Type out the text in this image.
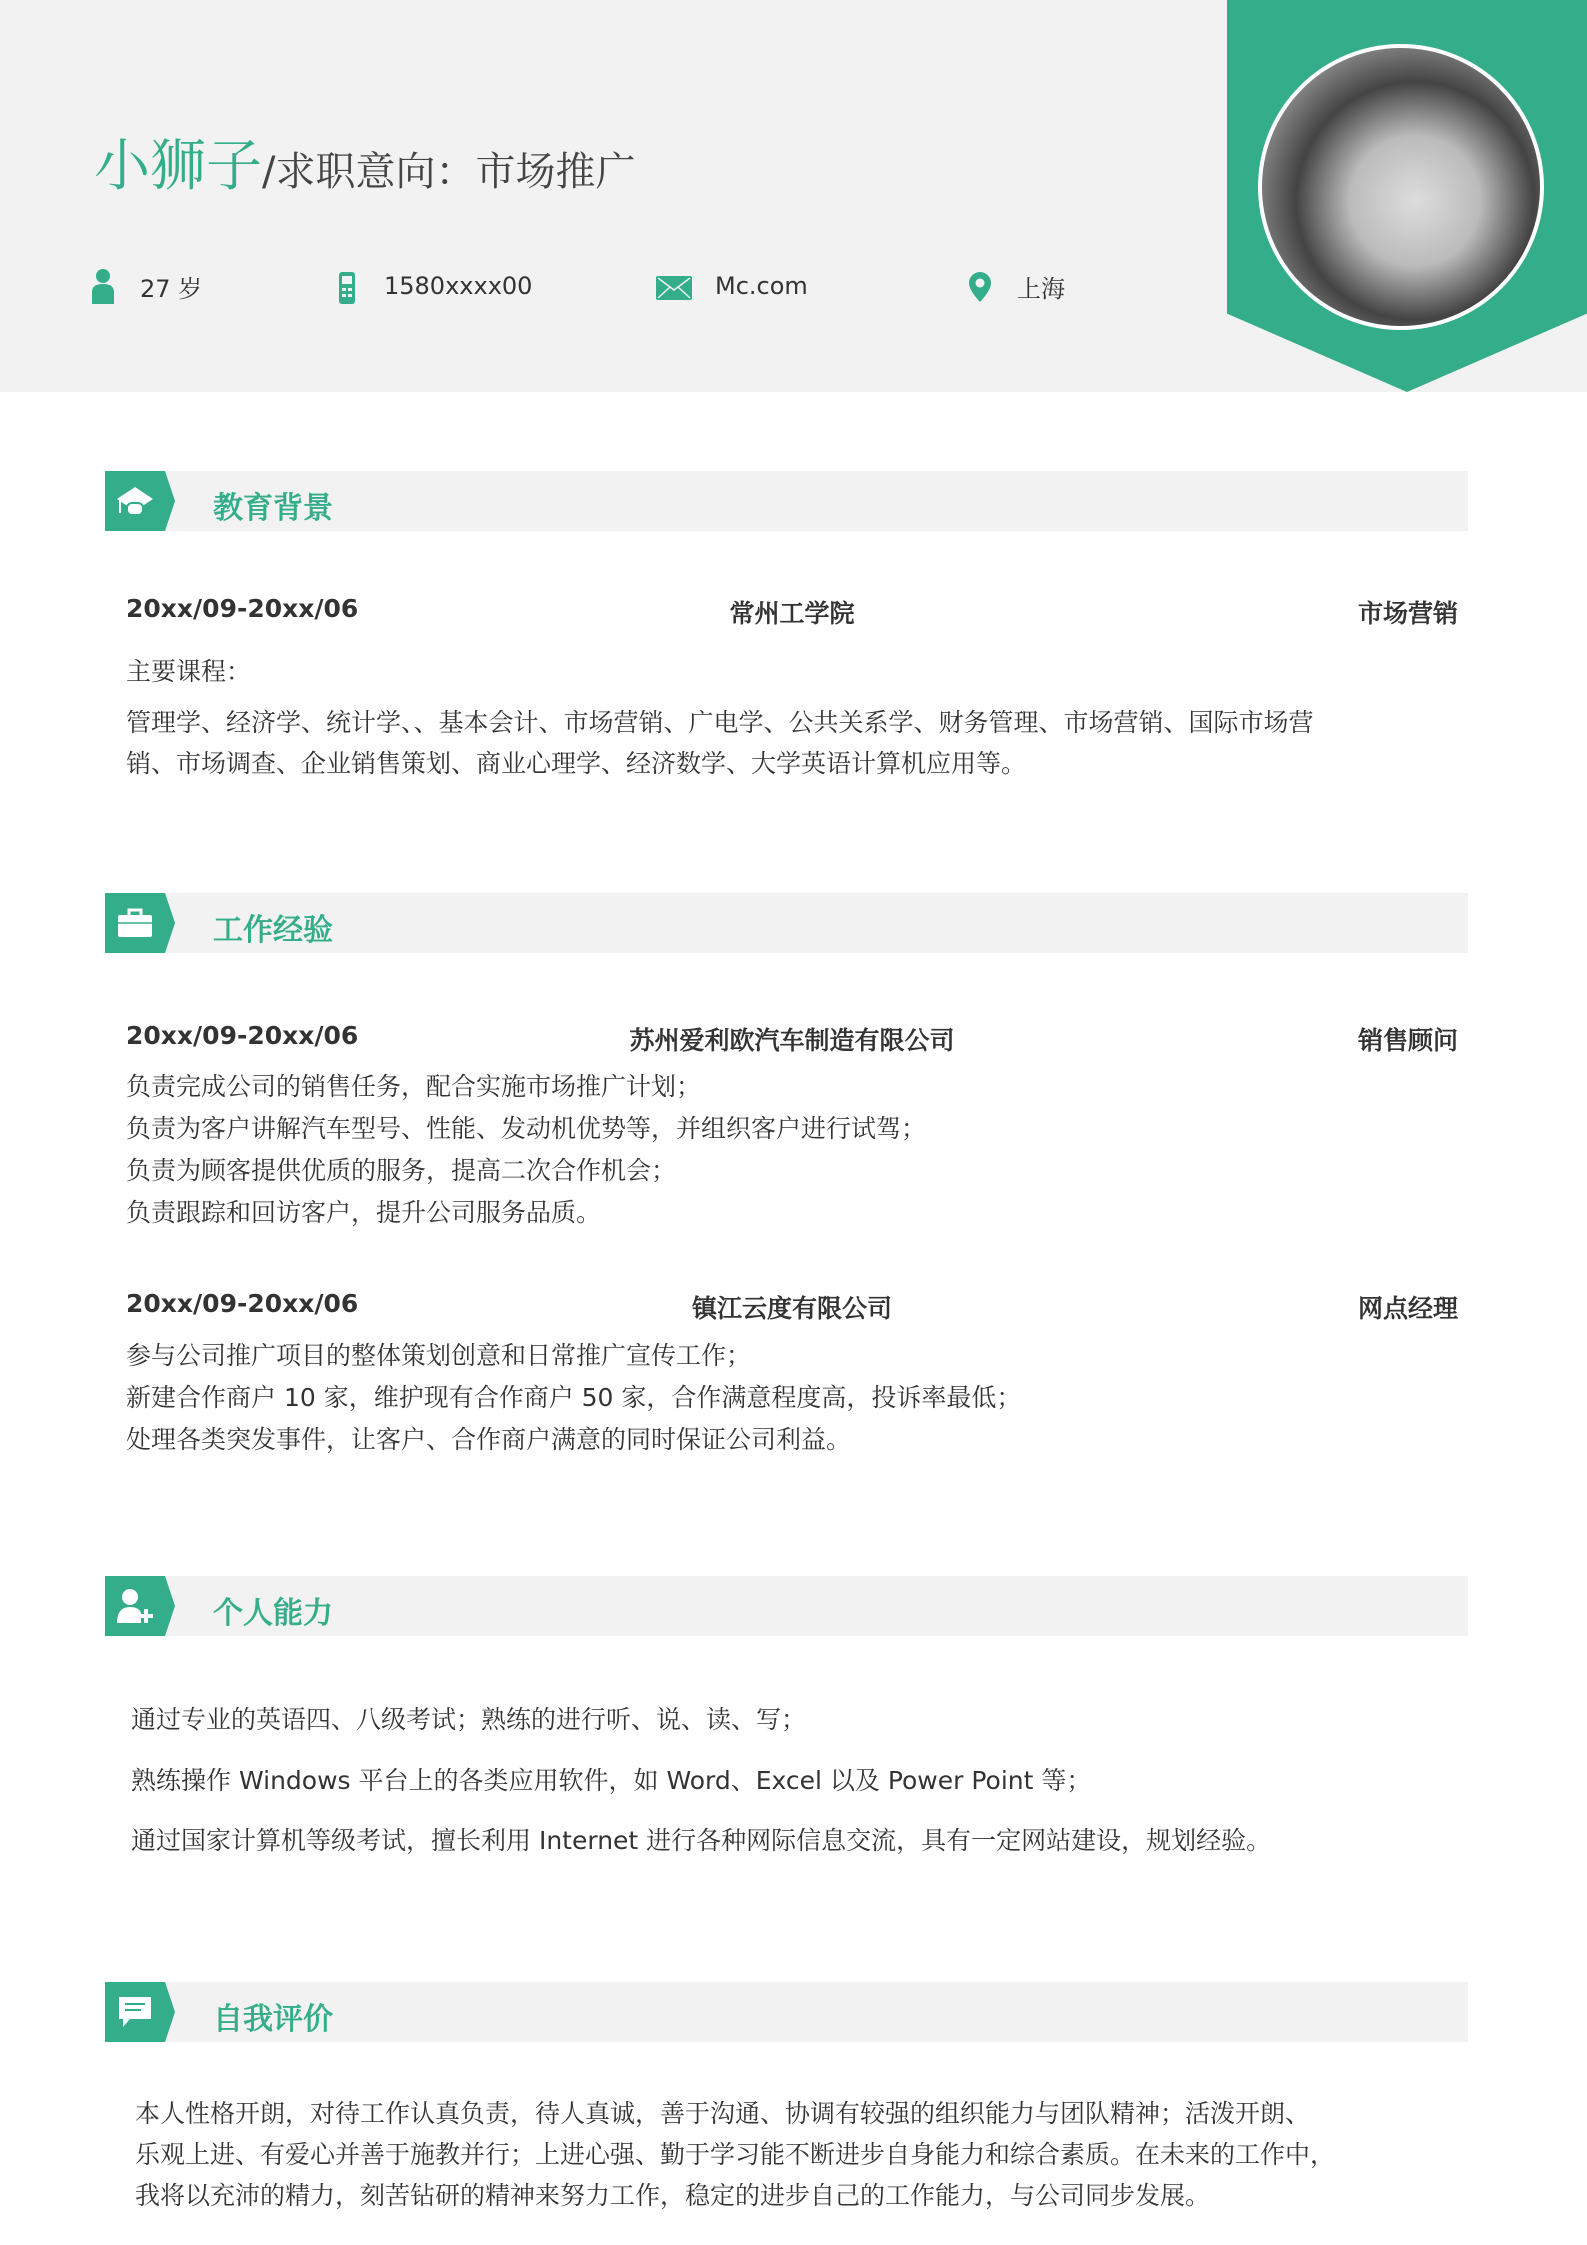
小狮子/求职意向：市场推广
27 岁	1580xxxx00	Mc.com	上海
教育背景
20xx/09-20xx/06	常州工学院	市场营销
主要课程：
管理学、经济学、统计学、、基本会计、市场营销、广电学、公共关系学、财务管理、市场营销、国际市场营
销、市场调查、企业销售策划、商业心理学、经济数学、大学英语计算机应用等。
工作经验
20xx/09-20xx/06	苏州爱利欧汽车制造有限公司	销售顾问
负责完成公司的销售任务，配合实施市场推广计划；
负责为客户讲解汽车型号、性能、发动机优势等，并组织客户进行试驾；
负责为顾客提供优质的服务，提高二次合作机会；
负责跟踪和回访客户，提升公司服务品质。
20xx/09-20xx/06	镇江云度有限公司	网点经理
参与公司推广项目的整体策划创意和日常推广宣传工作；
新建合作商户 10 家，维护现有合作商户 50 家，合作满意程度高，投诉率最低；
处理各类突发事件，让客户、合作商户满意的同时保证公司利益。
个人能力
通过专业的英语四、八级考试；熟练的进行听、说、读、写；
熟练操作 Windows 平台上的各类应用软件，如 Word、Excel 以及 Power Point 等；
通过国家计算机等级考试，擅长利用 Internet 进行各种网际信息交流，具有一定网站建设，规划经验。
自我评价
本人性格开朗，对待工作认真负责，待人真诚，善于沟通、协调有较强的组织能力与团队精神；活泼开朗、
乐观上进、有爱心并善于施教并行；上进心强、勤于学习能不断进步自身能力和综合素质。在未来的工作中，
我将以充沛的精力，刻苦钻研的精神来努力工作，稳定的进步自己的工作能力，与公司同步发展。
